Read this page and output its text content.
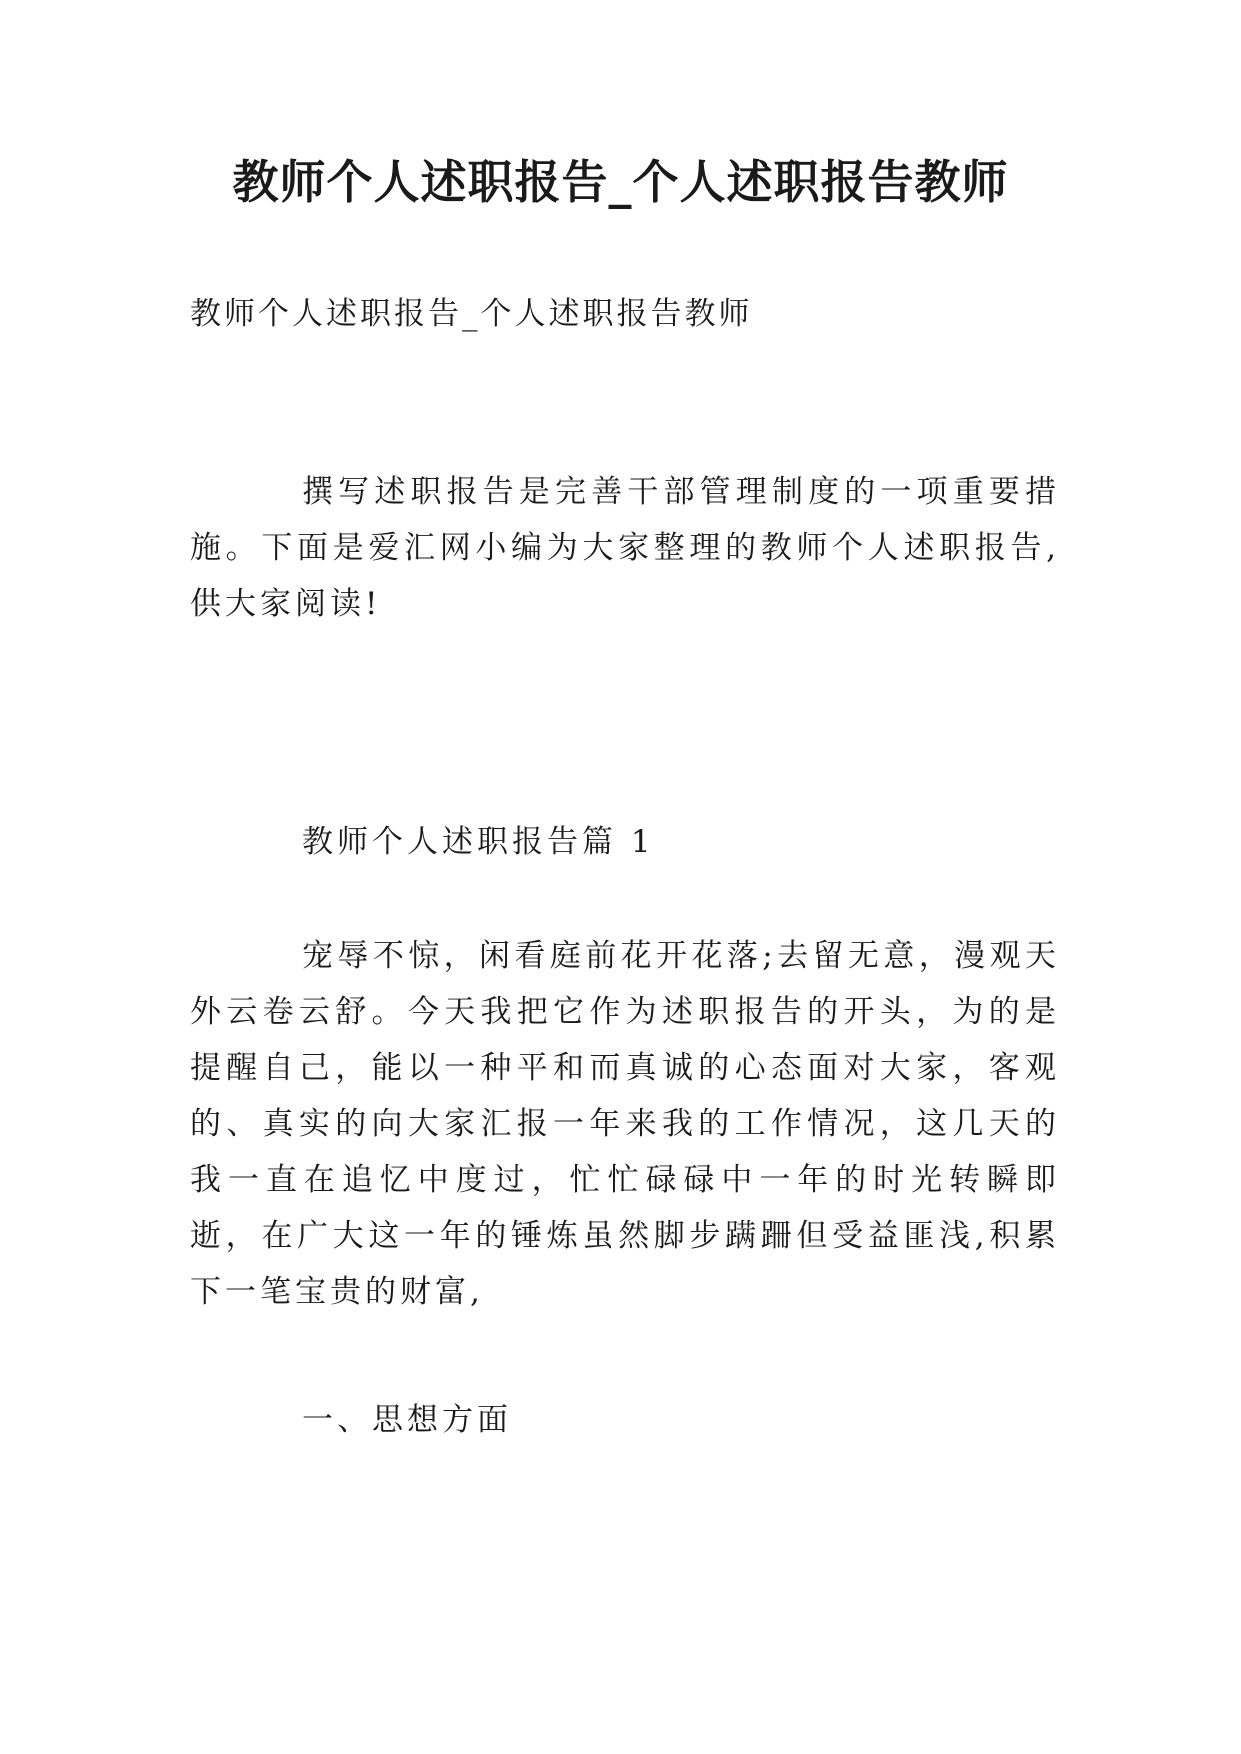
教师个人述职报告_个人述职报告教师

教师个人述职报告_个人述职报告教师

撰写述职报告是完善干部管理制度的一项重要措施。下面是爱汇网小编为大家整理的教师个人述职报告,供大家阅读!

教师个人述职报告篇 1

宠辱不惊，闲看庭前花开花落;去留无意，漫观天外云卷云舒。今天我把它作为述职报告的开头，为的是提醒自己，能以一种平和而真诚的心态面对大家，客观的、真实的向大家汇报一年来我的工作情况，这几天的我一直在追忆中度过，忙忙碌碌中一年的时光转瞬即逝，在广大这一年的锤炼虽然脚步蹒跚但受益匪浅,积累下一笔宝贵的财富,

一、思想方面
